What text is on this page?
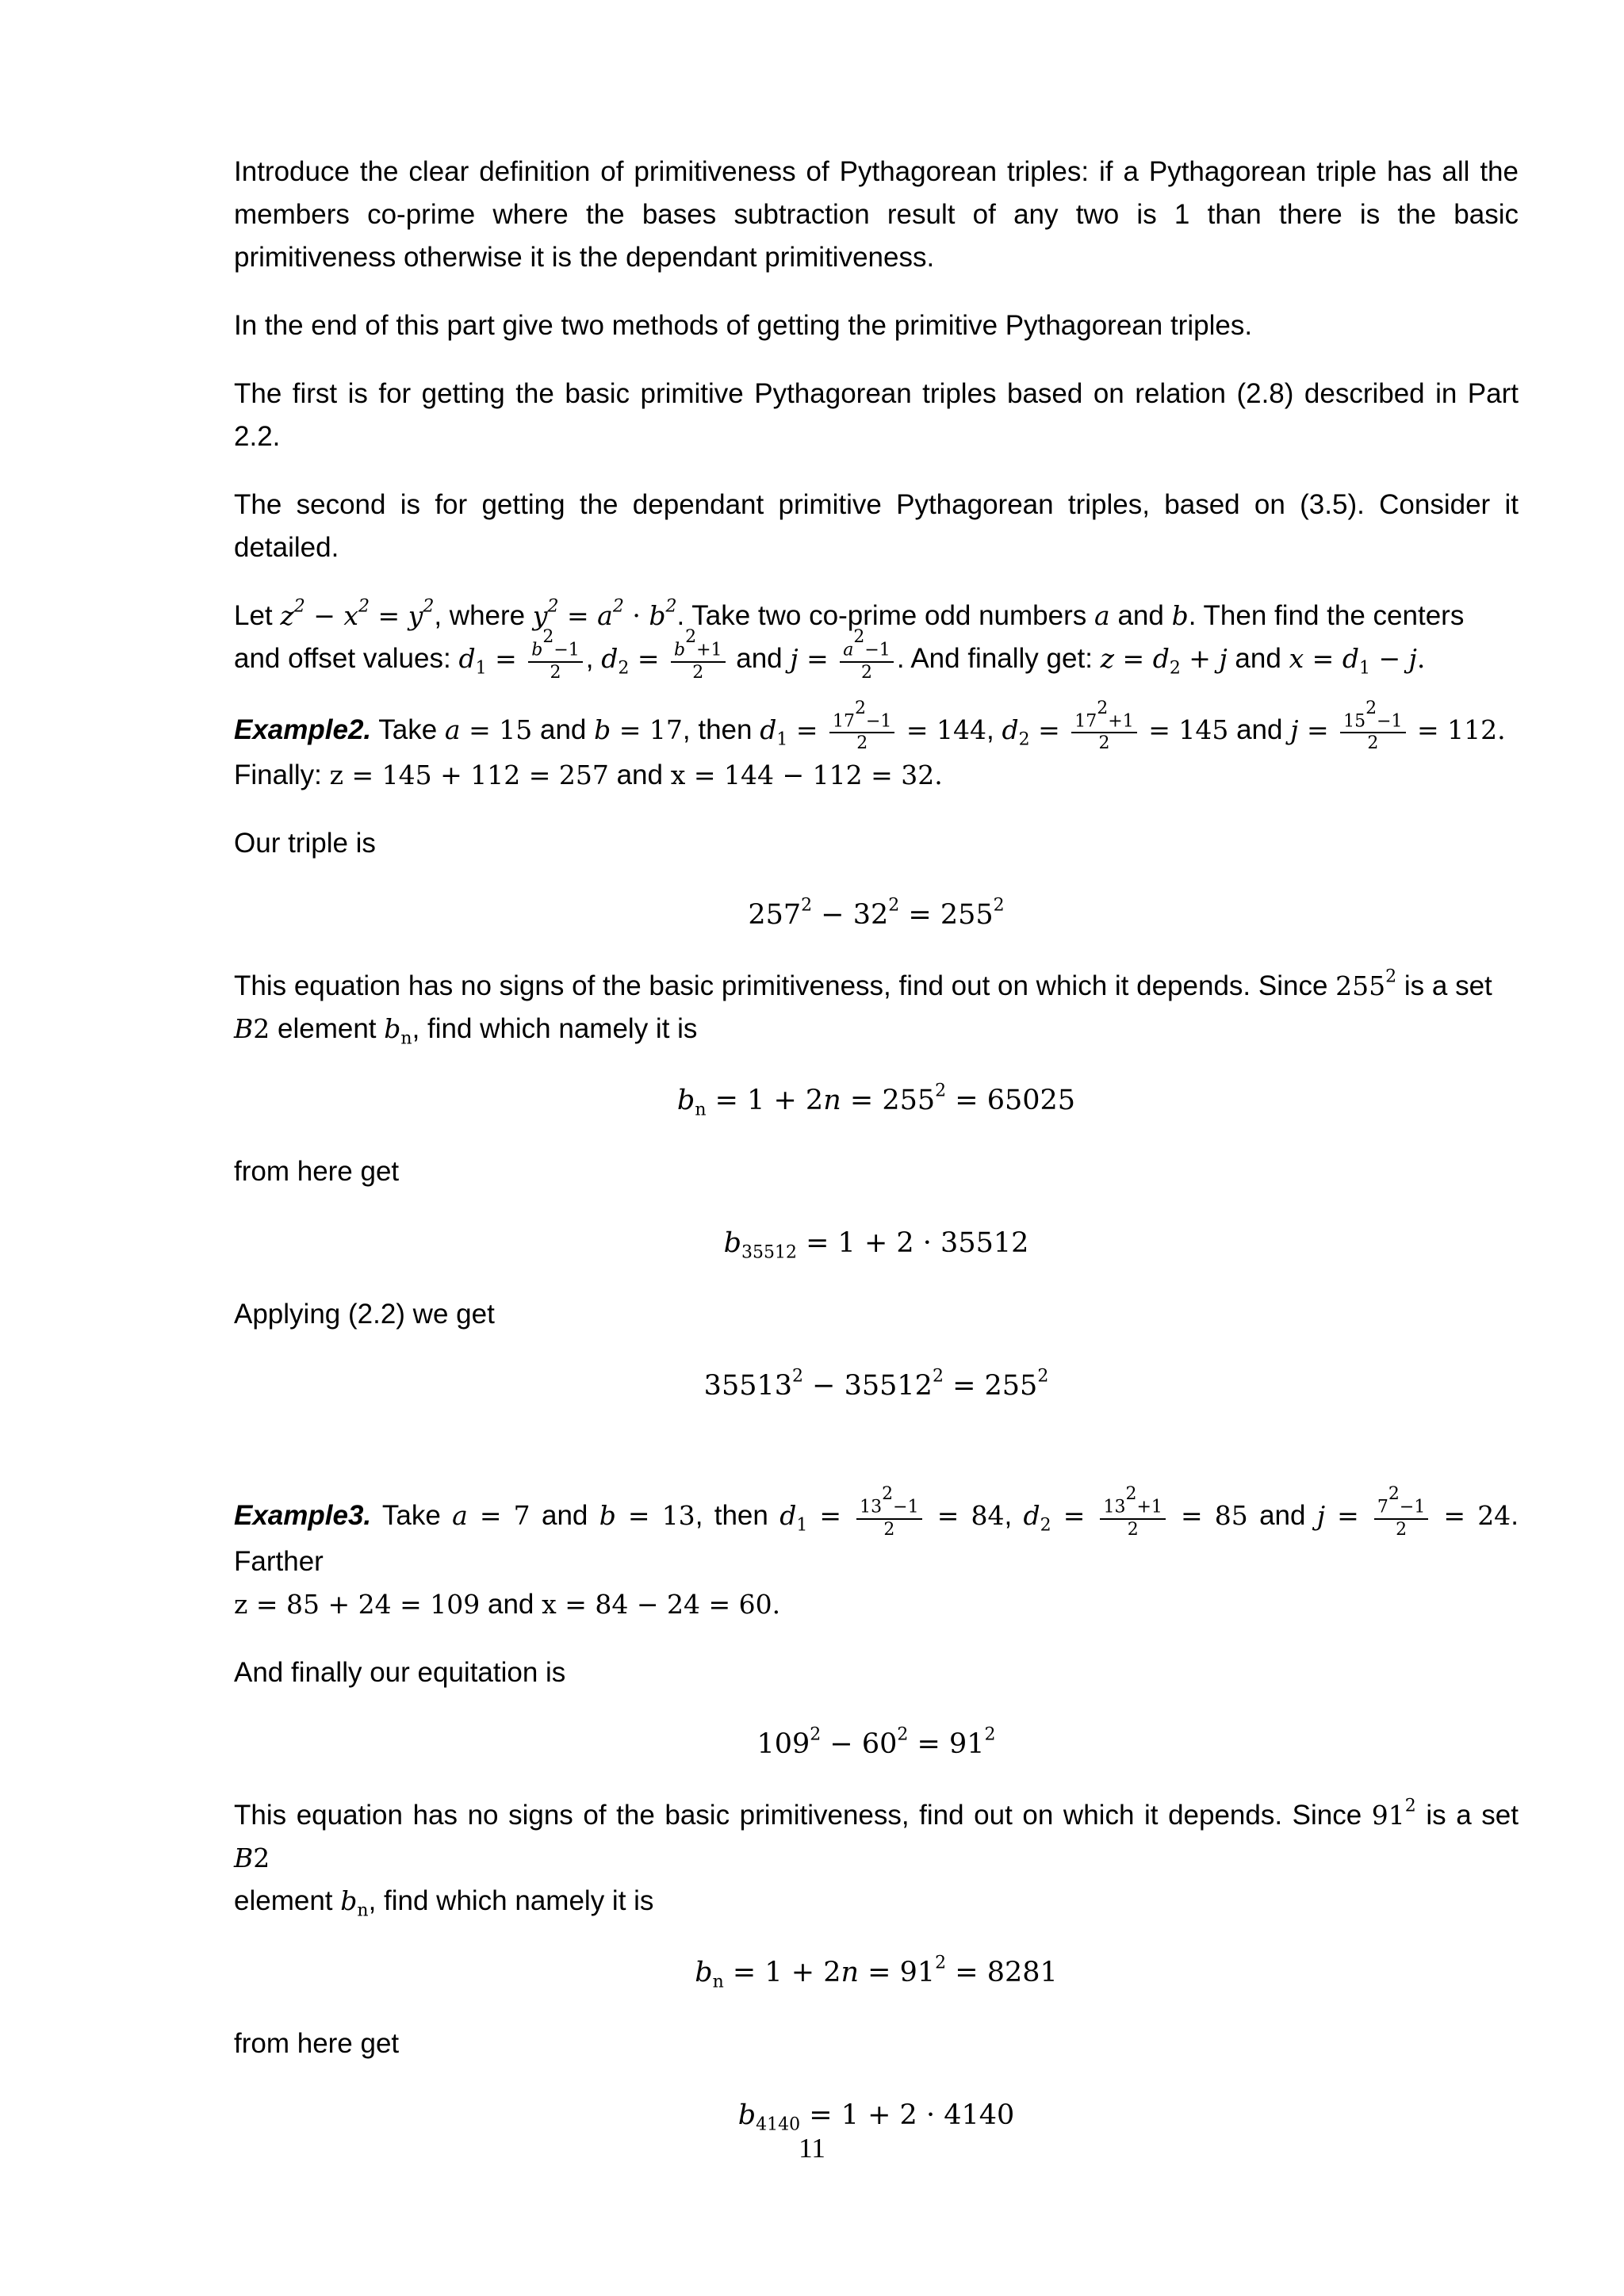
Introduce the clear definition of primitiveness of Pythagorean triples: if a Pythagorean triple has all the members co-prime where the bases subtraction result of any two is 1 than there is the basic primitiveness otherwise it is the dependant primitiveness.

In the end of this part give two methods of getting the primitive Pythagorean triples.

The first is for getting the basic primitive Pythagorean triples based on relation (2.8) described in Part 2.2.

The second is for getting the dependant primitive Pythagorean triples, based on (3.5). Consider it detailed.

Let $z^2 - x^2 = y^2$, where $y^2 = a^2 \cdot b^2$. Take two co-prime odd numbers a and b. Then find the centers
and offset values: $d_1 = \frac{b^2-1}{2}$ , $d_2 = \frac{b^2+1}{2}$ and $j = \frac{a^2-1}{2}$ . And finally get: $z = d_2 + j$ and $x = d_1 - j$.

Example2. Take a = 15 and b = 17, then $d_1 = \frac{17^2-1}{2} = 144$, $d_2 = \frac{17^2+1}{2} = 145$ and $j = \frac{15^2-1}{2} = 112$.
Finally: z = 145 + 112 = 257 and x = 144 − 112 = 32.

Our triple is

$257^2 - 32^2 = 255^2$

This equation has no signs of the basic primitiveness, find out on which it depends. Since $255^2$ is a set
B2 element $b_n$, find which namely it is

$b_n = 1 + 2n = 255^2 = 65025$

from here get

$b_{35512} = 1 + 2 \cdot 35512$

Applying (2.2) we get

$35513^2 - 35512^2 = 255^2$

Example3. Take a = 7 and b = 13, then $d_1 = \frac{13^2-1}{2} = 84$, $d_2 = \frac{13^2+1}{2} = 85$ and $j = \frac{7^2-1}{2} = 24$. Farther
z = 85 + 24 = 109 and x = 84 − 24 = 60.

And finally our equitation is

$109^2 - 60^2 = 91^2$

This equation has no signs of the basic primitiveness, find out on which it depends. Since $91^2$ is a set B2
element $b_n$, find which namely it is

$b_n = 1 + 2n = 91^2 = 8281$

from here get

$b_{4140} = 1 + 2 \cdot 4140$
11
